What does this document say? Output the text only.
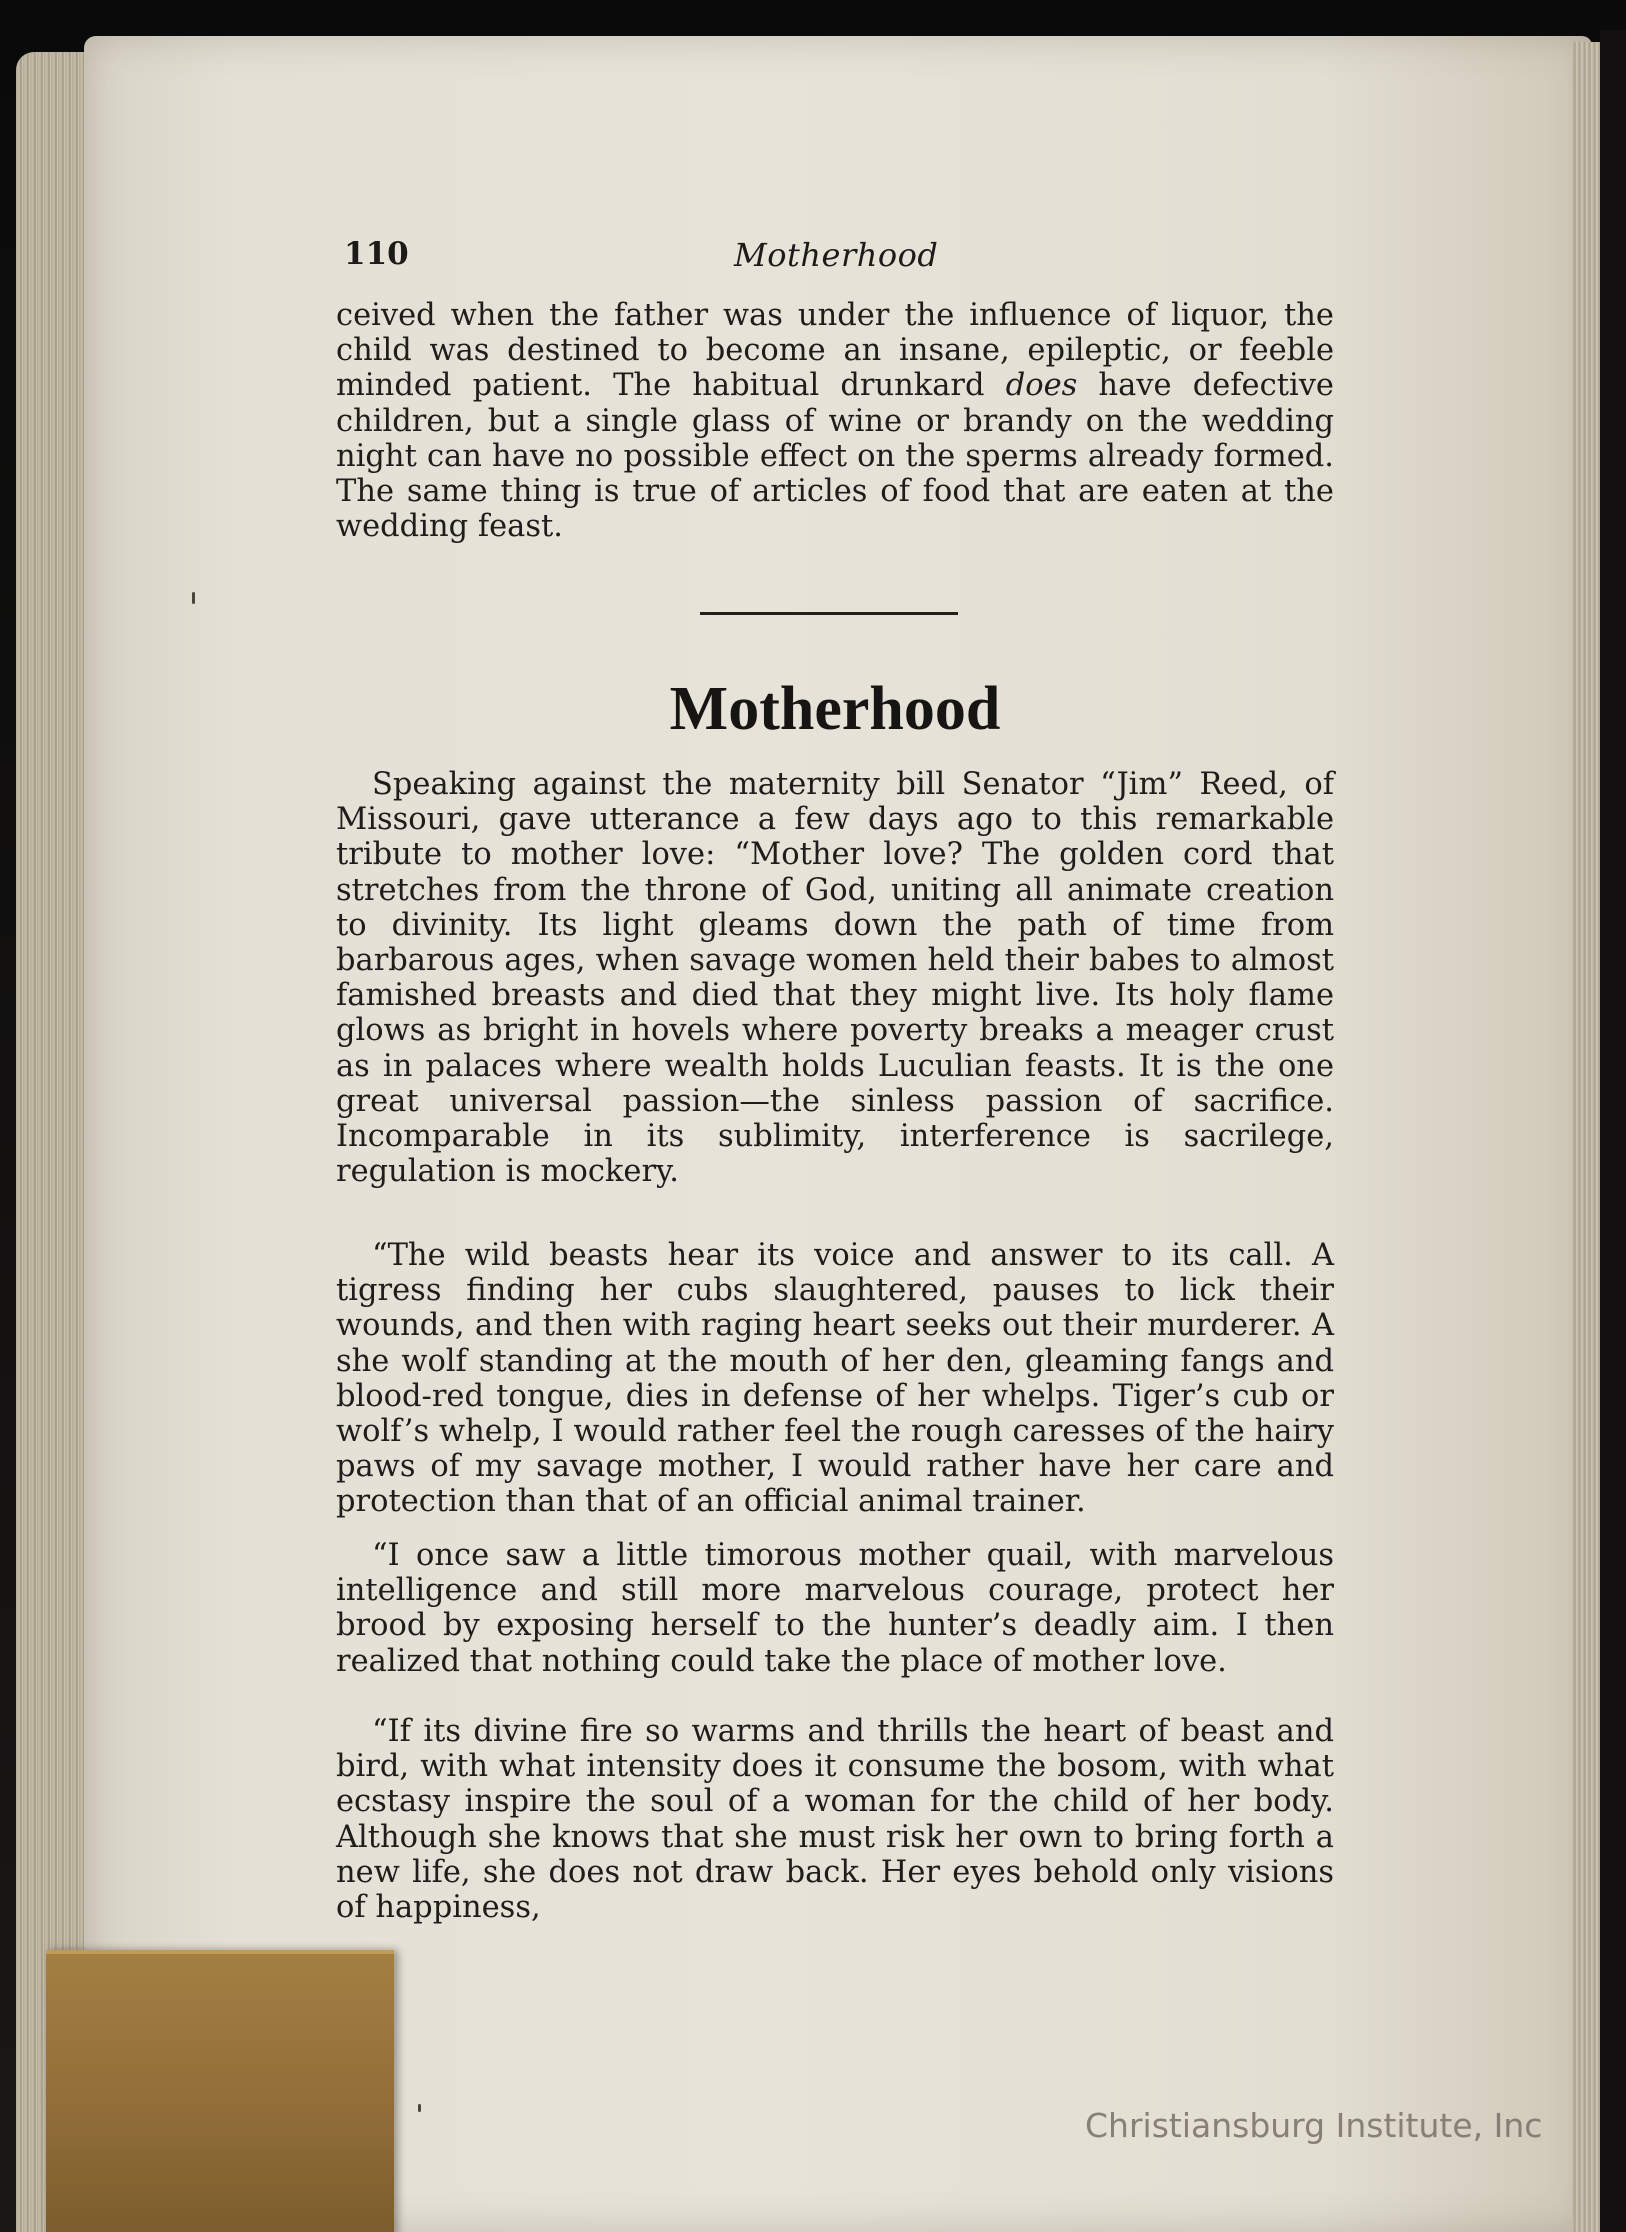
110	Motherhood

ceived when the father was under the influence of liquor, the child was destined to become an insane, epileptic, or feeble minded patient. The habitual drunkard does have defective children, but a single glass of wine or brandy on the wedding night can have no possible effect on the sperms already formed. The same thing is true of articles of food that are eaten at the wedding feast.

Motherhood

Speaking against the maternity bill Senator “Jim” Reed, of Missouri, gave utterance a few days ago to this remarkable tribute to mother love: “Mother love? The golden cord that stretches from the throne of God, uniting all animate creation to divinity. Its light gleams down the path of time from barbarous ages, when savage women held their babes to almost famished breasts and died that they might live. Its holy flame glows as bright in hovels where poverty breaks a meager crust as in palaces where wealth holds Luculian feasts. It is the one great universal passion—the sinless passion of sacrifice. Incomparable in its sublimity, interference is sacrilege, regulation is mockery.

“The wild beasts hear its voice and answer to its call. A tigress finding her cubs slaughtered, pauses to lick their wounds, and then with raging heart seeks out their murderer. A she wolf standing at the mouth of her den, gleaming fangs and blood-red tongue, dies in defense of her whelps. Tiger’s cub or wolf’s whelp, I would rather feel the rough caresses of the hairy paws of my savage mother, I would rather have her care and protection than that of an official animal trainer.

“I once saw a little timorous mother quail, with marvelous intelligence and still more marvelous courage, protect her brood by exposing herself to the hunter’s deadly aim. I then realized that nothing could take the place of mother love.

“If its divine fire so warms and thrills the heart of beast and bird, with what intensity does it consume the bosom, with what ecstasy inspire the soul of a woman for the child of her body. Although she knows that she must risk her own to bring forth a new life, she does not draw back. Her eyes behold only visions of happiness,

Christiansburg Institute, Inc
